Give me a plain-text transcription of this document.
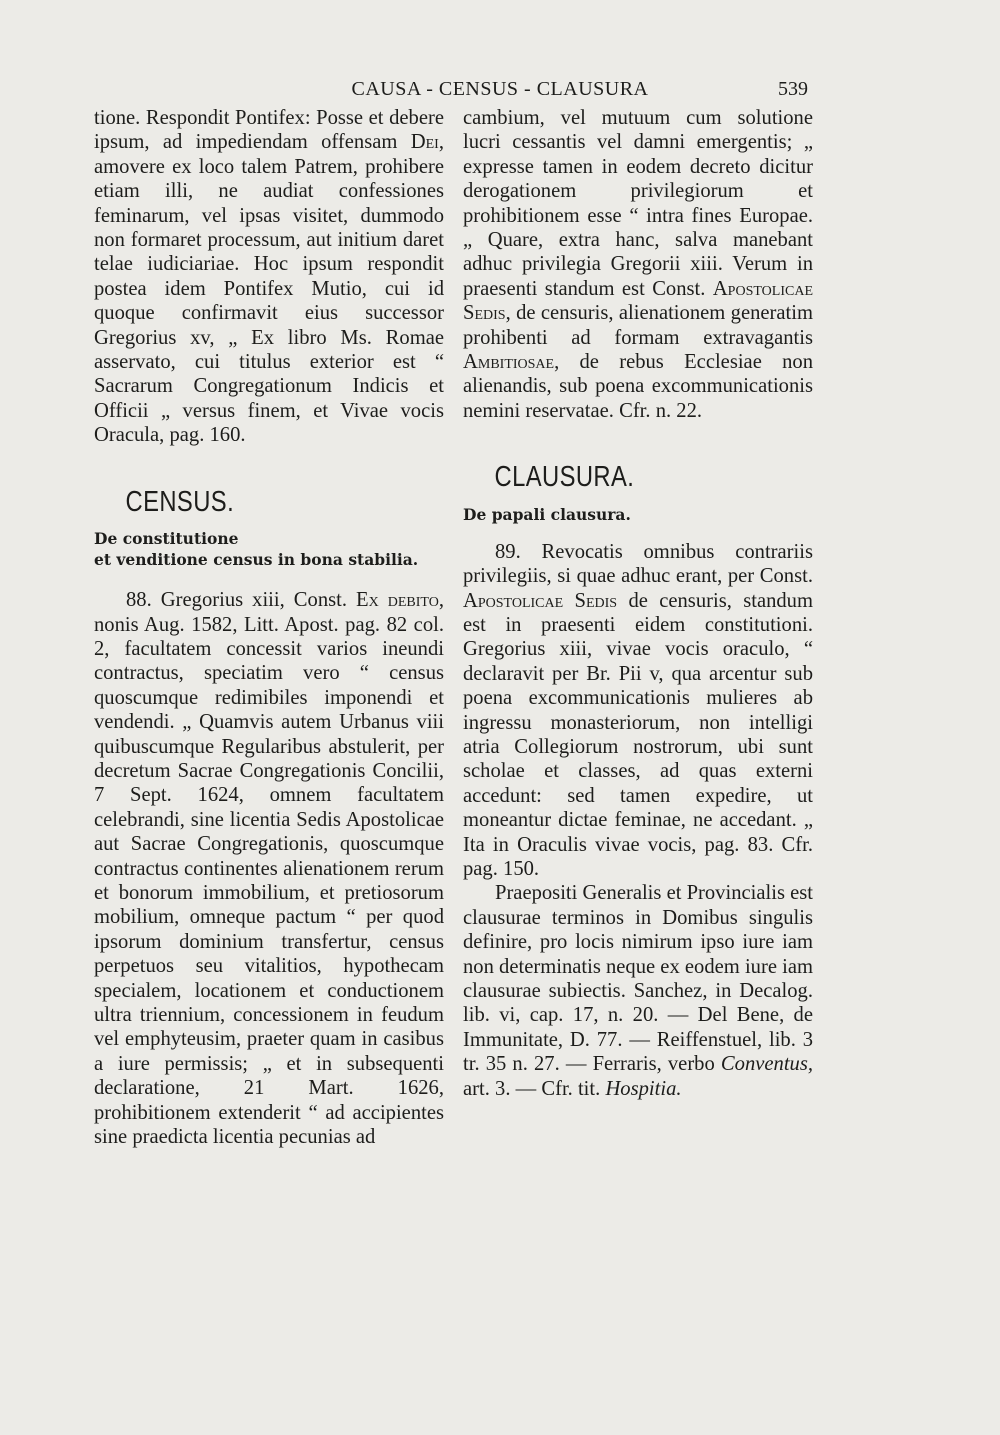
CAUSA - CENSUS - CLAUSURA	539

tione. Respondit Pontifex: Posse et debere ipsum, ad impediendam offensam Dei, amovere ex loco talem Patrem, prohibere etiam illi, ne audiat confessiones feminarum, vel ipsas visitet, dummodo non formaret processum, aut initium daret telae iudiciariae. Hoc ipsum respondit postea idem Pontifex Mutio, cui id quoque confirmavit eius successor Gregorius xv, „ Ex libro Ms. Romae asservato, cui titulus exterior est “ Sacrarum Congregationum Indicis et Officii „ versus finem, et Vivae vocis Oracula, pag. 160.

CENSUS.

De constitutione
et venditione census in bona stabilia.

88. Gregorius xiii, Const. Ex debito, nonis Aug. 1582, Litt. Apost. pag. 82 col. 2, facultatem concessit varios ineundi contractus, speciatim vero “ census quoscumque redimibiles imponendi et vendendi. „ Quamvis autem Urbanus viii quibuscumque Regularibus abstulerit, per decretum Sacrae Congregationis Concilii, 7 Sept. 1624, omnem facultatem celebrandi, sine licentia Sedis Apostolicae aut Sacrae Congregationis, quoscumque contractus continentes alienationem rerum et bonorum immobilium, et pretiosorum mobilium, omneque pactum “ per quod ipsorum dominium transfertur, census perpetuos seu vitalitios, hypothecam specialem, locationem et conductionem ultra triennium, concessionem in feudum vel emphyteusim, praeter quam in casibus a iure permissis; „ et in subsequenti declaratione, 21 Mart. 1626, prohibitionem extenderit “ ad accipientes sine praedicta licentia pecunias ad

cambium, vel mutuum cum solutione lucri cessantis vel damni emergentis; „ expresse tamen in eodem decreto dicitur derogationem privilegiorum et prohibitionem esse “ intra fines Europae. „ Quare, extra hanc, salva manebant adhuc privilegia Gregorii xiii. Verum in praesenti standum est Const. Apostolicae Sedis, de censuris, alienationem generatim prohibenti ad formam extravagantis Ambitiosae, de rebus Ecclesiae non alienandis, sub poena excommunicationis nemini reservatae. Cfr. n. 22.

CLAUSURA.

De papali clausura.

89. Revocatis omnibus contrariis privilegiis, si quae adhuc erant, per Const. Apostolicae Sedis de censuris, standum est in praesenti eidem constitutioni. Gregorius xiii, vivae vocis oraculo, “ declaravit per Br. Pii v, qua arcentur sub poena excommunicationis mulieres ab ingressu monasteriorum, non intelligi atria Collegiorum nostrorum, ubi sunt scholae et classes, ad quas externi accedunt: sed tamen expedire, ut moneantur dictae feminae, ne accedant. „ Ita in Oraculis vivae vocis, pag. 83. Cfr. pag. 150.

Praepositi Generalis et Provincialis est clausurae terminos in Domibus singulis definire, pro locis nimirum ipso iure iam non determinatis neque ex eodem iure iam clausurae subiectis. Sanchez, in Decalog. lib. vi, cap. 17, n. 20. — Del Bene, de Immunitate, D. 77. — Reiffenstuel, lib. 3 tr. 35 n. 27. — Ferraris, verbo Conventus, art. 3. — Cfr. tit. Hospitia.
